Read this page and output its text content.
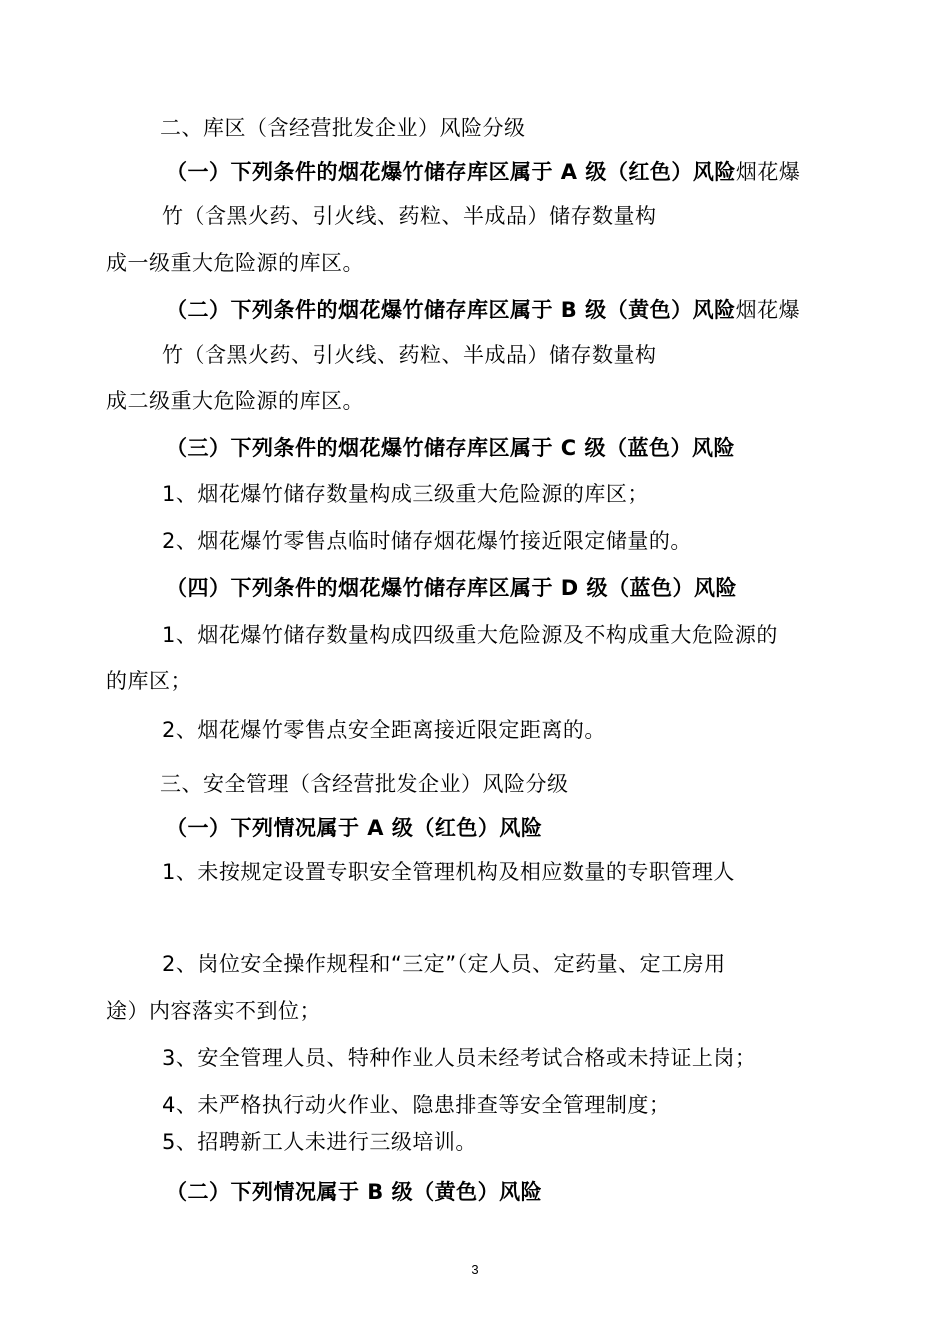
二、库区（含经营批发企业）风险分级
（一）下列条件的烟花爆竹储存库区属于 A 级（红色）风险烟花爆
竹（含黑火药、引火线、药粒、半成品）储存数量构
成一级重大危险源的库区。
（二）下列条件的烟花爆竹储存库区属于 B 级（黄色）风险烟花爆
竹（含黑火药、引火线、药粒、半成品）储存数量构
成二级重大危险源的库区。
（三）下列条件的烟花爆竹储存库区属于 C 级（蓝色）风险
1、烟花爆竹储存数量构成三级重大危险源的库区；
2、烟花爆竹零售点临时储存烟花爆竹接近限定储量的。
（四）下列条件的烟花爆竹储存库区属于 D 级（蓝色）风险
1、烟花爆竹储存数量构成四级重大危险源及不构成重大危险源的
的库区；
2、烟花爆竹零售点安全距离接近限定距离的。
三、安全管理（含经营批发企业）风险分级
（一）下列情况属于 A 级（红色）风险
1、未按规定设置专职安全管理机构及相应数量的专职管理人
2、岗位安全操作规程和“三定”（定人员、定药量、定工房用
途）内容落实不到位；
3、安全管理人员、特种作业人员未经考试合格或未持证上岗；
4、未严格执行动火作业、隐患排查等安全管理制度；
5、招聘新工人未进行三级培训。
（二）下列情况属于 B 级（黄色）风险
3
